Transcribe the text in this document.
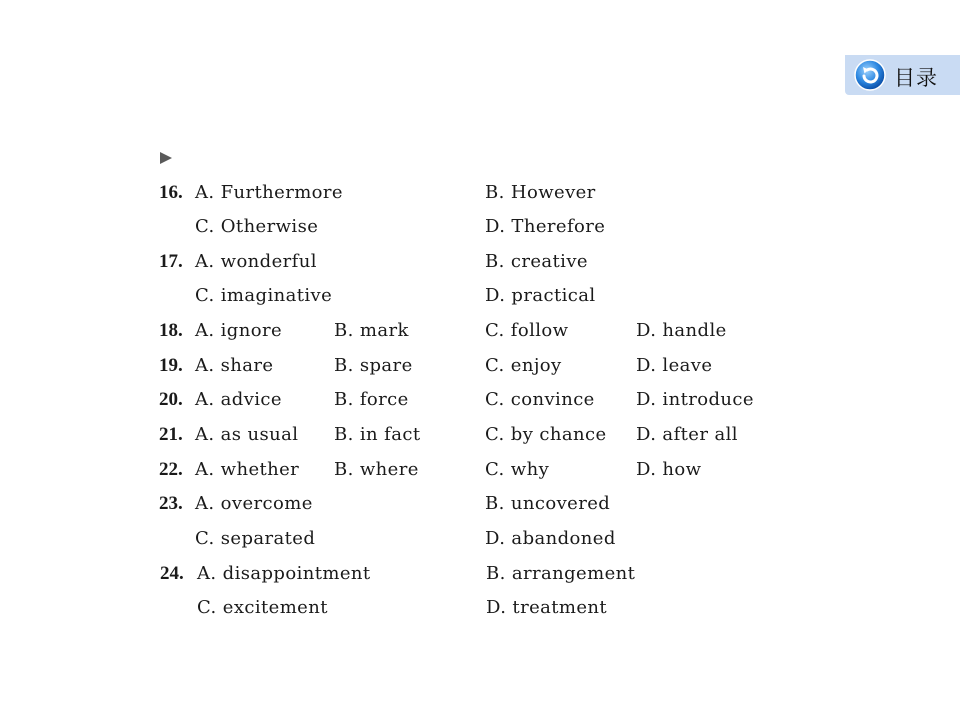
目录
16. A. Furthermore	B. However
C. Otherwise	D. Therefore
17. A. wonderful	B. creative
C. imaginative	D. practical
18. A. ignore	B. mark	C. follow	D. handle
19. A. share	B. spare	C. enjoy	D. leave
20. A. advice	B. force	C. convince D. introduce
21. A. as usual B. in fact	C. by chance D. after all
22. A. whether B. where	C. why	D. how
23. A. overcome	B. uncovered
C. separated	D. abandoned
24. A. disappointment	B. arrangement
C. excitement	D. treatment
